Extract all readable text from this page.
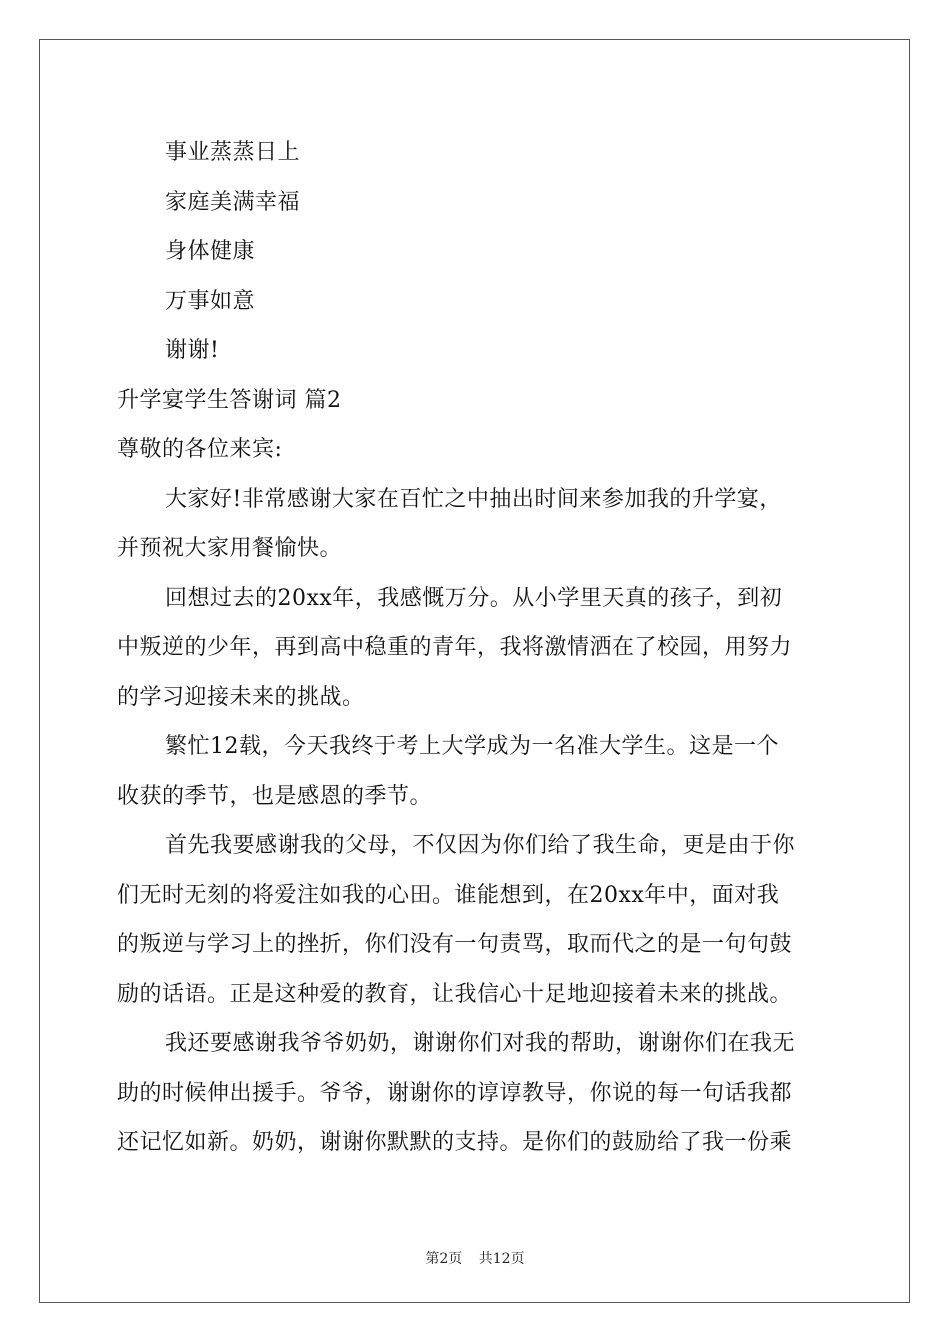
事业蒸蒸日上
家庭美满幸福
身体健康
万事如意
谢谢!
升学宴学生答谢词 篇2
尊敬的各位来宾:
大家好!非常感谢大家在百忙之中抽出时间来参加我的升学宴，
并预祝大家用餐愉快。
回想过去的20xx年，我感慨万分。从小学里天真的孩子，到初
中叛逆的少年，再到高中稳重的青年，我将激情洒在了校园，用努力
的学习迎接未来的挑战。
繁忙12载，今天我终于考上大学成为一名准大学生。这是一个
收获的季节，也是感恩的季节。
首先我要感谢我的父母，不仅因为你们给了我生命，更是由于你
们无时无刻的将爱注如我的心田。谁能想到，在20xx年中，面对我
的叛逆与学习上的挫折，你们没有一句责骂，取而代之的是一句句鼓
励的话语。正是这种爱的教育，让我信心十足地迎接着未来的挑战。
我还要感谢我爷爷奶奶，谢谢你们对我的帮助，谢谢你们在我无
助的时候伸出援手。爷爷，谢谢你的谆谆教导，你说的每一句话我都
还记忆如新。奶奶，谢谢你默默的支持。是你们的鼓励给了我一份乘
第2页 共12页
